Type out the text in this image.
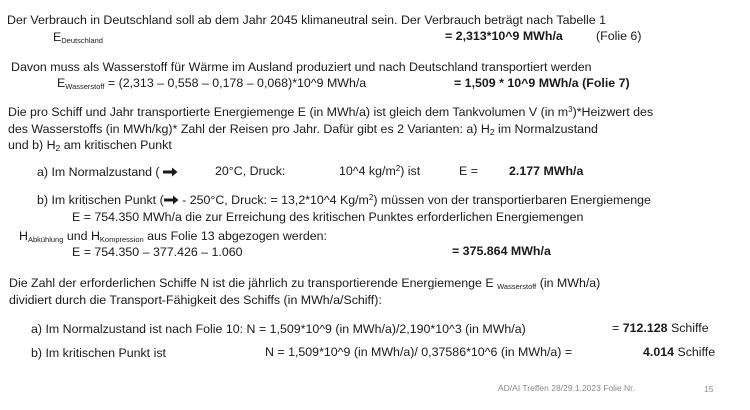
Der Verbrauch in Deutschland soll ab dem Jahr 2045 klimaneutral sein. Der Verbrauch beträgt nach Tabelle 1
$E_{Deutschland}$	= 2,313*10^9 MWh/a	(Folie 6)
Davon muss als Wasserstoff für Wärme im Ausland produziert und nach Deutschland transportiert werden
$E_{Wasserstoff} = (2,313 - 0,558 - 0,178$ – 0,068)*10^9 MWh/a	= 1,509 * 10^9 MWh/a (Folie 7)
Die pro Schiff und Jahr transportierte Energiemenge E (in MWh/a) ist gleich dem Tankvolumen V (in $m^3)*Heizwert$ des
des Wasserstoffs (in MWh/kg)* Zahl der Reisen pro Jahr. Dafür gibt es 2 Varianten: a) H2 im Normalzustand
und b) H2 am kritischen Punkt
a) Im Normalzustand (	20°C, Druck:	10^4 $kg/m^2$) ist	E =	2.177 MWh/a
b) Im kritischen Punkt ( - 250°C, Druck: = 13,2*10^4 $Kg/m^2$) müssen von der transportierbaren Energiemenge
E = 754.350 MWh/a die zur Erreichung des kritischen Punktes erforderlichen Energiemengen
$H_{Abkühlung}$ und $H_{Kompression}$ aus Folie 13 abgezogen werden:
E = 754.350 – 377.426 – 1.060	= 375.864 MWh/a
Die Zahl der erforderlichen Schiffe N ist die jährlich zu transportierende Energiemenge E $_{Wasserstoff}$ (in MWh/a)
dividiert durch die Transport-Fähigkeit des Schiffs (in MWh/a/Schiff):
a) Im Normalzustand ist nach Folie 10: N = 1,509*10^9 (in MWh/a)/2,190*10^3 (in MWh/a)	= 712.128 Schiffe
b) Im kritischen Punkt ist	N = 1,509*10^9 (in MWh/a)/ 0,37586*10^6 (in MWh/a) =	4.014 Schiffe
AD/AI Treffen 28/29.1.2023 Folie Nr.	15
